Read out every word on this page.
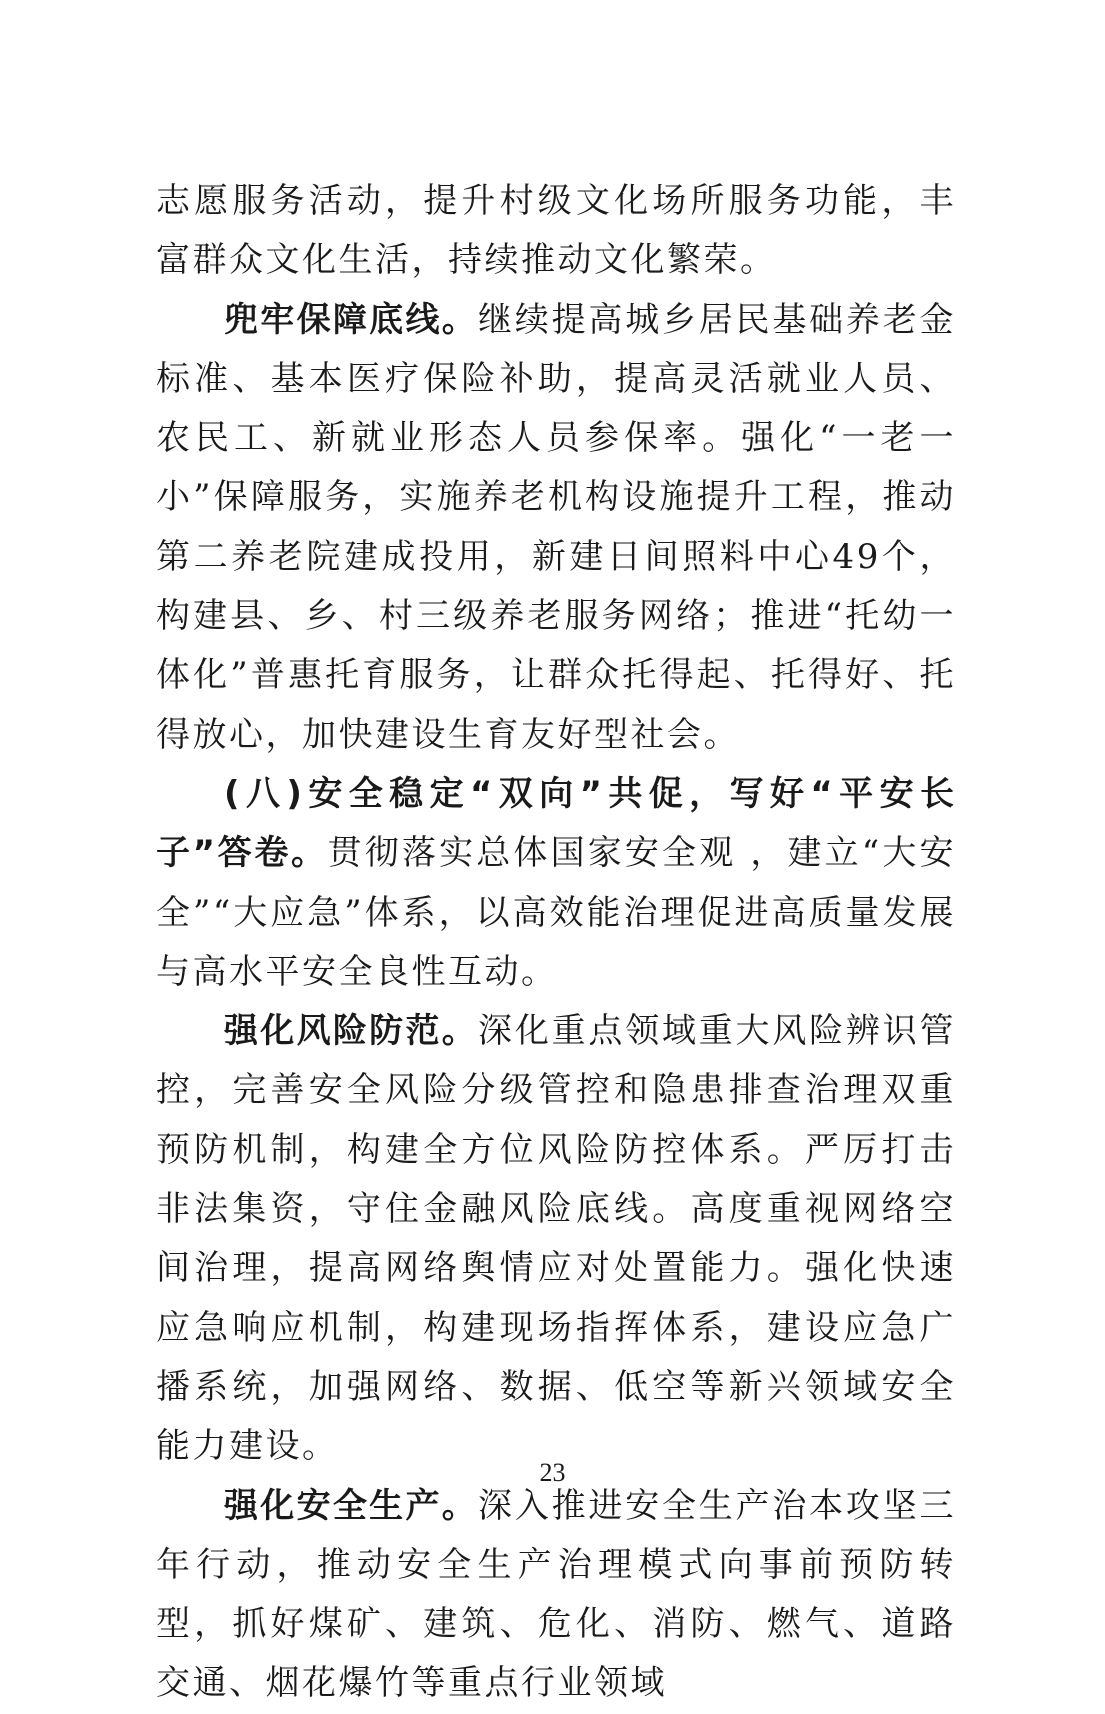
志愿服务活动，提升村级文化场所服务功能，丰富群众文化生活，持续推动文化繁荣。

兜牢保障底线。继续提高城乡居民基础养老金标准、基本医疗保险补助，提高灵活就业人员、农民工、新就业形态人员参保率。强化“一老一小”保障服务，实施养老机构设施提升工程，推动第二养老院建成投用，新建日间照料中心49个，构建县、乡、村三级养老服务网络；推进“托幼一体化”普惠托育服务，让群众托得起、托得好、托得放心，加快建设生育友好型社会。

(八)安全稳定“双向”共促，写好“平安长子”答卷。贯彻落实总体国家安全观 ，建立“大安全”“大应急”体系，以高效能治理促进高质量发展与高水平安全良性互动。

强化风险防范。深化重点领域重大风险辨识管控，完善安全风险分级管控和隐患排查治理双重预防机制，构建全方位风险防控体系。严厉打击非法集资，守住金融风险底线。高度重视网络空间治理，提高网络舆情应对处置能力。强化快速应急响应机制，构建现场指挥体系，建设应急广播系统，加强网络、数据、低空等新兴领域安全能力建设。

强化安全生产。深入推进安全生产治本攻坚三年行动，推动安全生产治理模式向事前预防转型，抓好煤矿、建筑、危化、消防、燃气、道路交通、烟花爆竹等重点行业领域

23
